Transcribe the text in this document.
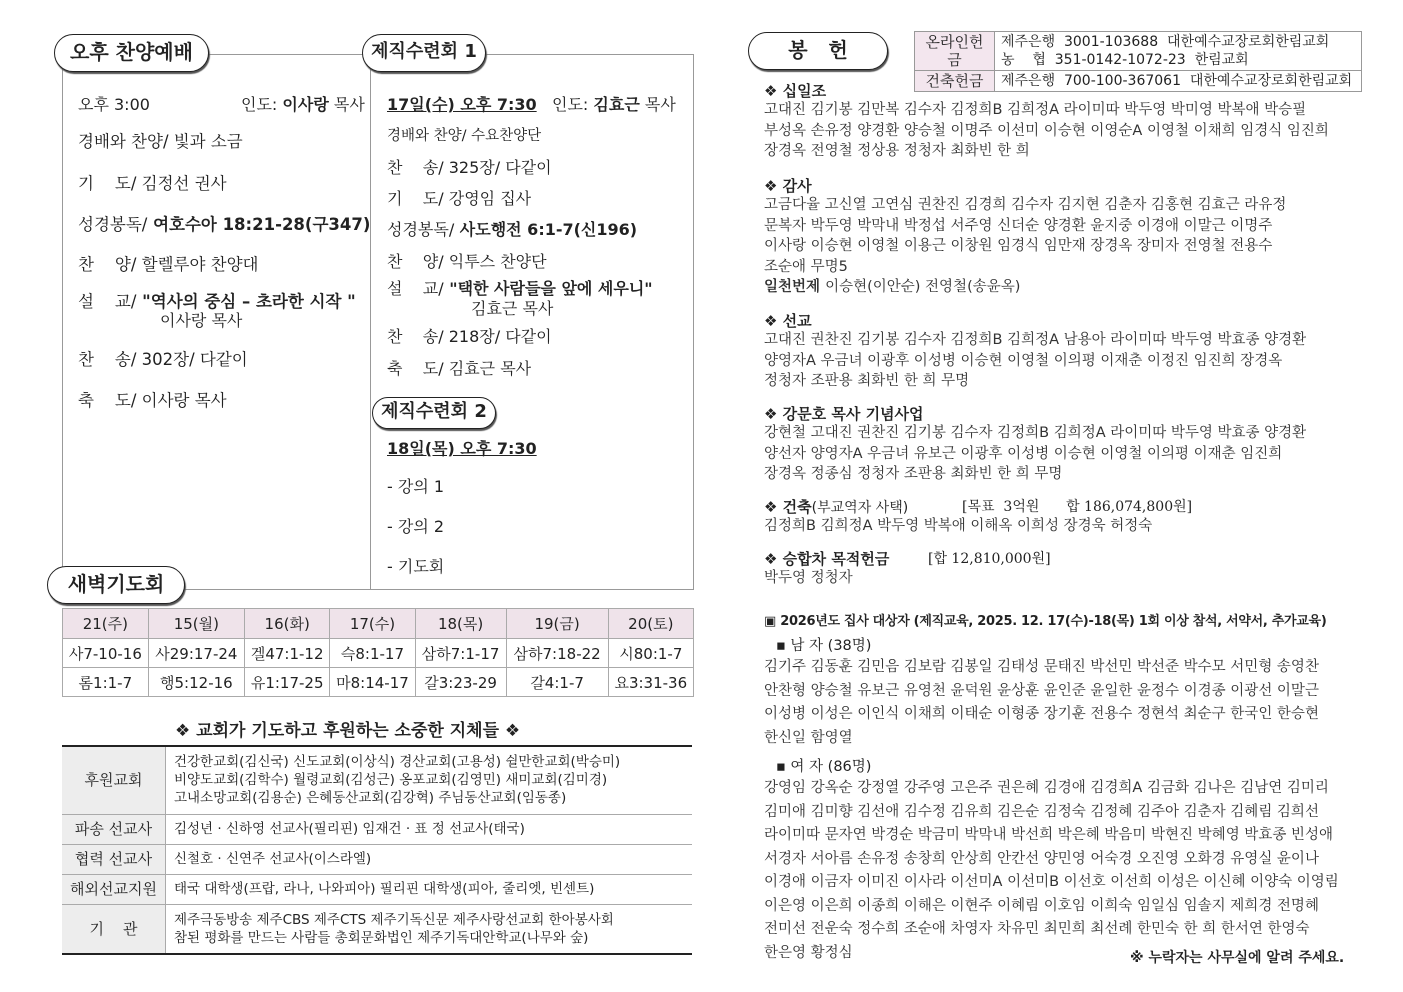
오후 찬양예배	제직수련회 1
오후 3:00	인도: 이사랑 목사 17일(수) 오후 7:30 인도: 김효근 목사
경배와 찬양/ 수요찬양단
찬    송/ 325장/ 다같이
기    도/ 강영임 집사
성경봉독/ 사도행전 6:1-7(신196)
찬    양/ 익투스 찬양단
설    교/ "택한 사람들을 앞에 세우니"
김효근 목사
찬    송/ 218장/ 다같이
축    도/ 김효근 목사
제직수련회 2
18일(목) 오후 7:30
- 강의 1
- 강의 2
- 기도회
경배와 찬양/ 빛과 소금
기    도/ 김정선 권사
성경봉독/ 여호수아 18:21-28(구347)
찬    양/ 할렐루야 찬양대
설    교/ "역사의 중심 – 초라한 시작 "
이사랑 목사
찬    송/ 302장/ 다같이
축    도/ 이사랑 목사
새벽기도회
21(주)	15(월)	16(화)	17(수)	18(목)	19(금)	20(토)
사7-10-16	사29:17-24	겔47:1-12	슥8:1-17	삼하7:1-17	삼하7:18-22	시80:1-7
롬1:1-7	행5:12-16	유1:17-25	마8:14-17	갈3:23-29	갈4:1-7	요3:31-36
❖ 교회가 기도하고 후원하는 소중한 지체들 ❖
후원교회	건강한교회(김신국) 신도교회(이상식) 경산교회(고용성) 쉴만한교회(박승미)
비양도교회(김학수) 월령교회(김성근) 옹포교회(김영민) 새미교회(김미경)
고내소망교회(김용순) 은혜동산교회(김강혁) 주님동산교회(임동종)

파송 선교사	김성년 · 신하영 선교사(필리핀) 임재건 · 표 정 선교사(태국)

협력 선교사	신철호 · 신연주 선교사(이스라엘)

해외선교지원	태국 대학생(프랍, 라나, 나와피아) 필리핀 대학생(피아, 줄리엣, 빈센트)

기    관	제주극동방송 제주CBS 제주CTS 제주기독신문 제주사랑선교회 한아봉사회
참된 평화를 만드는 사람들 총회문화법인 제주기독대안학교(나무와 숲)
봉   헌	온라인헌금	제주은행  3001-103688  대한예수교장로회한림교회
농    협  351-0142-1072-23  한림교회

건축헌금	제주은행  700-100-367061  대한예수교장로회한림교회
❖ 십일조
고대진 김기봉 김만복 김수자 김정희B 김희정A 라이미따 박두영 박미영 박복애 박승필
부성옥 손유정 양경환 양승철 이명주 이선미 이승현 이영순A 이영철 이채희 임경식 임진희
장경옥 전영철 정상용 정청자 최화빈 한 희
❖ 감사
고금다율 고신열 고연심 권찬진 김경희 김수자 김지현 김춘자 김홍현 김효근 라유정
문복자 박두영 박막내 박정섭 서주영 신더순 양경환 윤지중 이경애 이말근 이명주
이사랑 이승현 이영철 이용근 이창원 임경식 임만재 장경옥 장미자 전영철 전용수
조순애 무명5
일천번제 이승현(이안순) 전영철(송윤옥)
❖ 선교
고대진 권찬진 김기봉 김수자 김정희B 김희정A 남용아 라이미따 박두영 박효종 양경환
양영자A 우금녀 이광후 이성병 이승현 이영철 이의평 이재춘 이정진 임진희 장경옥
정청자 조판용 최화빈 한 희 무명
❖ 강문호 목사 기념사업
강현철 고대진 권찬진 김기봉 김수자 김정희B 김희정A 라이미따 박두영 박효종 양경환
양선자 양영자A 우금녀 유보근 이광후 이성병 이승현 이영철 이의평 이재춘 임진희
장경옥 정종심 정청자 조판용 최화빈 한 희 무명
❖ 건축(부교역자 사택)	[목표  3억원      합 186,074,800원]
김정희B 김희정A 박두영 박복애 이해옥 이희성 장경욱 허정숙
❖ 승합차 목적헌금	[합 12,810,000원]
박두영 정청자
▣ 2026년도 집사 대상자 (제직교육, 2025. 12. 17(수)-18(목) 1회 이상 참석, 서약서, 추가교육)
▪ 남 자 (38명)
김기주 김동훈 김민음 김보람 김봉일 김태성 문태진 박선민 박선준 박수모 서민형 송영찬
안찬형 양승철 유보근 유영천 윤덕원 윤상훈 윤인준 윤일한 윤정수 이경종 이광선 이말근
이성병 이성은 이인식 이채희 이태순 이형종 장기훈 전용수 정현석 최순구 한국인 한승현
한신일 함영열
▪ 여 자 (86명)
강영임 강옥순 강정열 강주영 고은주 권은혜 김경애 김경희A 김금화 김나은 김남연 김미리
김미애 김미향 김선애 김수정 김유희 김은순 김정숙 김정혜 김주아 김춘자 김혜림 김희선
라이미따 문자연 박경순 박금미 박막내 박선희 박은혜 박음미 박현진 박혜영 박효종 빈성애
서경자 서아름 손유정 송창희 안상희 안칸선 양민영 어숙경 오진영 오화경 유영실 윤이나
이경애 이금자 이미진 이사라 이선미A 이선미B 이선호 이선희 이성은 이신혜 이양숙 이영림
이은영 이은희 이종희 이해은 이현주 이혜림 이호임 이희숙 임일심 임솔지 제희경 전명혜
전미선 전운숙 정수희 조순애 차영자 차유민 최민희 최선례 한민숙 한 희 한서연 한영숙
한은영 황정심	※ 누락자는 사무실에 알려 주세요.
